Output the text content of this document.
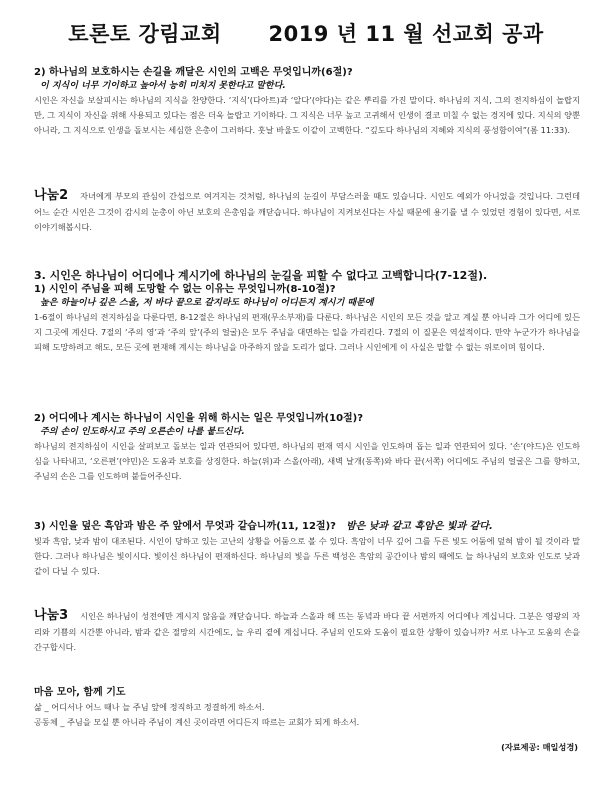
토론토 강림교회      2019 년 11 월 선교회 공과
2) 하나님의 보호하시는 손길을 깨달은 시인의 고백은 무엇입니까(6절)?
이 지식이 너무 기이하고 높아서 능히 미치지 못한다고 말한다.
시인은 자신을 보살피시는 하나님의 지식을 찬양한다. ‘지식’(다아트)과 ‘알다’(야다)는 같은 뿌리를 가진 말이다. 하나님의 지식, 그의 전지하심이 놀랍지만, 그 지식이 자신을 위해 사용되고 있다는 점은 더욱 놀랍고 기이하다. 그 지식은 너무 높고 고귀해서 인생이 결코 미칠 수 없는 경지에 있다. 지식의 양뿐 아니라, 그 지식으로 인생을 돌보시는 세심한 은총이 그러하다. 훗날 바울도 이같이 고백한다. “깊도다 하나님의 지혜와 지식의 풍성함이여”(롬 11:33).
나눔2 자녀에게 부모의 관심이 간섭으로 여겨지는 것처럼, 하나님의 눈길이 부담스러울 때도 있습니다. 시인도 예외가 아니었을 것입니다. 그런데 어느 순간 시인은 그것이 감시의 눈총이 아닌 보호의 은총임을 깨닫습니다. 하나님이 지켜보신다는 사실 때문에 용기를 낼 수 있었던 경험이 있다면, 서로 이야기해봅시다.
3. 시인은 하나님이 어디에나 계시기에 하나님의 눈길을 피할 수 없다고 고백합니다(7-12절).
1) 시인이 주님을 피해 도망할 수 없는 이유는 무엇입니까(8-10절)?
높은 하늘이나 깊은 스올, 저 바다 끝으로 갈지라도 하나님이 어디든지 계시기 때문에
1-6절이 하나님의 전지하심을 다룬다면, 8-12절은 하나님의 편재(무소부재)를 다룬다. 하나님은 시인의 모든 것을 알고 계실 뿐 아니라 그가 어디에 있든지 그곳에 계신다. 7절의 ‘주의 영’과 ‘주의 앞’(주의 얼굴)은 모두 주님을 대면하는 일을 가리킨다. 7절의 이 질문은 역설적이다. 만약 누군가가 하나님을 피해 도망하려고 해도, 모든 곳에 편재해 계시는 하나님을 마주하지 않을 도리가 없다. 그러나 시인에게 이 사실은 말할 수 없는 위로이며 힘이다.
2) 어디에나 계시는 하나님이 시인을 위해 하시는 일은 무엇입니까(10절)?
주의 손이 인도하시고 주의 오른손이 나를 붙드신다.
하나님의 전지하심이 시인을 살펴보고 돌보는 일과 연관되어 있다면, 하나님의 편재 역시 시인을 인도하며 돕는 일과 연관되어 있다. ‘손’(야드)은 인도하심을 나타내고, ‘오른편’(야민)은 도움과 보호를 상징한다. 하늘(위)과 스올(아래), 새벽 날개(동쪽)와 바다 끝(서쪽) 어디에도 주님의 얼굴은 그를 향하고, 주님의 손은 그를 인도하며 붙들어주신다.
3) 시인을 덮은 흑암과 밤은 주 앞에서 무엇과 같습니까(11, 12절)? 밤은 낮과 같고 흑암은 빛과 같다.
빛과 흑암, 낮과 밤이 대조된다. 시인이 당하고 있는 고난의 상황을 어둠으로 볼 수 있다. 흑암이 너무 깊어 그를 두른 빛도 어둠에 덮혀 밤이 될 것이라 말한다. 그러나 하나님은 빛이시다. 빛이신 하나님이 편재하신다. 하나님의 빛을 두른 백성은 흑암의 공간이나 밤의 때에도 늘 하나님의 보호와 인도로 낮과 같이 다닐 수 있다.
나눔3 시인은 하나님이 성전에만 계시지 않음을 깨닫습니다. 하늘과 스올과 해 뜨는 동녘과 바다 끝 서편까지 어디에나 계십니다. 그분은 영광의 자리와 기쁨의 시간뿐 아니라, 밤과 같은 절망의 시간에도, 늘 우리 곁에 계십니다. 주님의 인도와 도움이 필요한 상황이 있습니까? 서로 나누고 도움의 손을 간구합시다.
마음 모아, 함께 기도
삶 _ 어디서나 어느 때나 늘 주님 앞에 정직하고 정결하게 하소서.
공동체 _ 주님을 모실 뿐 아니라 주님이 계신 곳이라면 어디든지 따르는 교회가 되게 하소서.
(자료제공: 매일성경)
